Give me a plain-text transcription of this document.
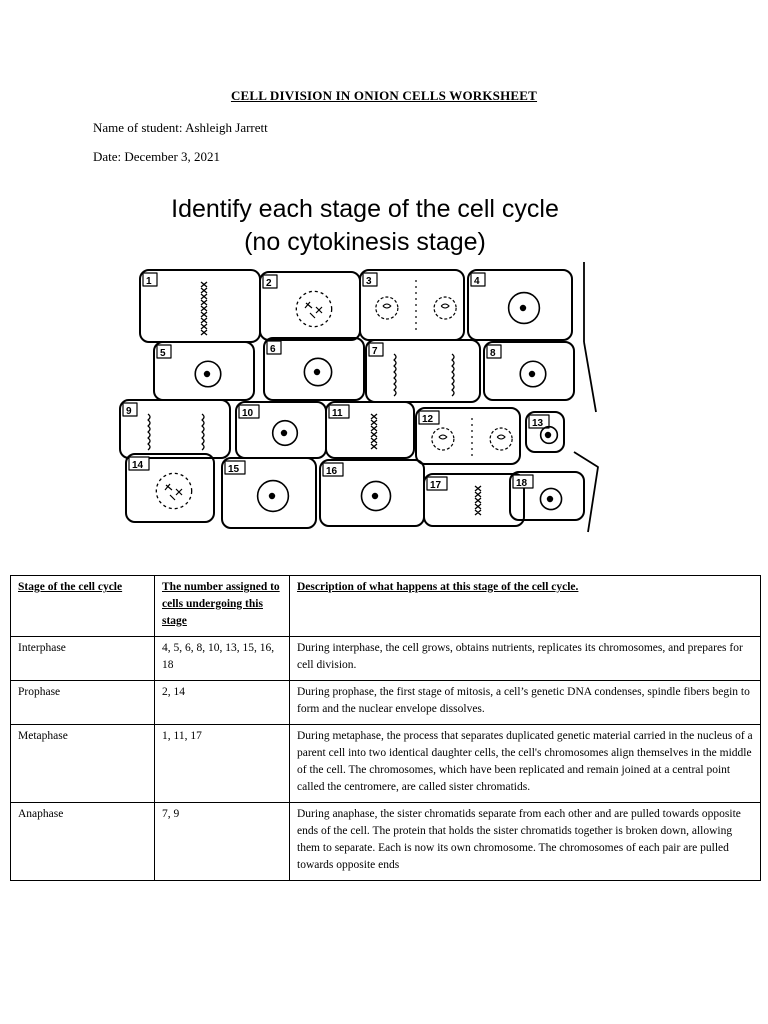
CELL DIVISION IN ONION CELLS WORKSHEET
Name of student: Ashleigh Jarrett
Date: December 3, 2021
Identify each stage of the cell cycle
(no cytokinesis stage)
1	2	3	4
5	6	7	8
9	10	11
12	13
14	15	16
17	18
Stage of the cell cycle	The number assigned to cells undergoing this stage	Description of what happens at this stage of the cell cycle.
Interphase	4, 5, 6, 8, 10, 13, 15, 16, 18	During interphase, the cell grows, obtains nutrients, replicates its chromosomes, and prepares for cell division.
Prophase	2, 14	During prophase, the first stage of mitosis, a cell’s genetic DNA condenses, spindle fibers begin to form and the nuclear envelope dissolves.
Metaphase	1, 11, 17	During metaphase, the process that separates duplicated genetic material carried in the nucleus of a parent cell into two identical daughter cells, the cell's chromosomes align themselves in the middle of the cell. The chromosomes, which have been replicated and remain joined at a central point called the centromere, are called sister chromatids.
Anaphase	7, 9	During anaphase, the sister chromatids separate from each other and are pulled towards opposite ends of the cell. The protein that holds the sister chromatids together is broken down, allowing them to separate. Each is now its own chromosome. The chromosomes of each pair are pulled towards opposite ends
